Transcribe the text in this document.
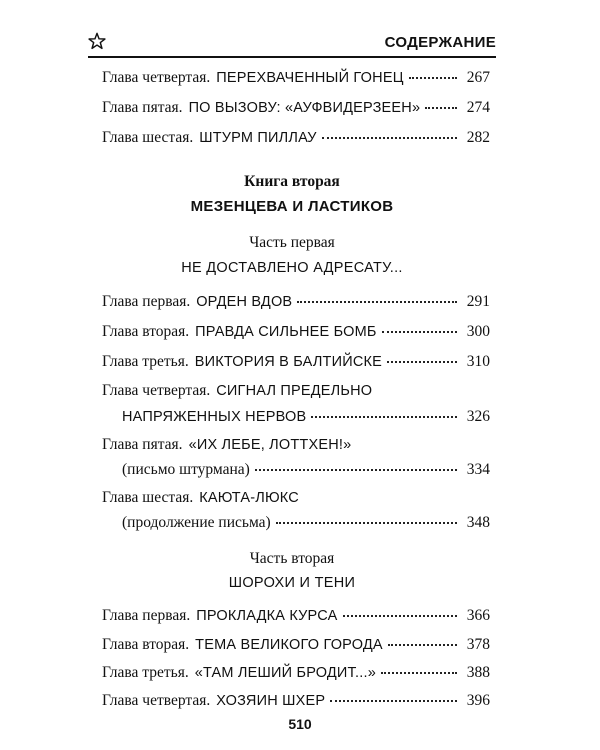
СОДЕРЖАНИЕ
Глава четвертая. ПЕРЕХВАЧЕННЫЙ ГОНЕЦ	267
Глава пятая. ПО ВЫЗОВУ: «АУФВИДЕРЗЕЕН»	274
Глава шестая. ШТУРМ ПИЛЛАУ	282
Книга вторая
МЕЗЕНЦЕВА И ЛАСТИКОВ
Часть первая
НЕ ДОСТАВЛЕНО АДРЕСАТУ...
Глава первая. ОРДЕН ВДОВ	291
Глава вторая. ПРАВДА СИЛЬНЕЕ БОМБ	300
Глава третья. ВИКТОРИЯ В БАЛТИЙСКЕ	310
Глава четвертая. СИГНАЛ ПРЕДЕЛЬНО
НАПРЯЖЕННЫХ НЕРВОВ	326
Глава пятая. «ИХ ЛЕБЕ, ЛОТТХЕН!»
(письмо штурмана)	334
Глава шестая. КАЮТА-ЛЮКС
(продолжение письма)	348
Часть вторая
ШОРОХИ И ТЕНИ
Глава первая. ПРОКЛАДКА КУРСА	366
Глава вторая. ТЕМА ВЕЛИКОГО ГОРОДА	378
Глава третья. «ТАМ ЛЕШИЙ БРОДИТ...»	388
Глава четвертая. ХОЗЯИН ШХЕР	396
510
